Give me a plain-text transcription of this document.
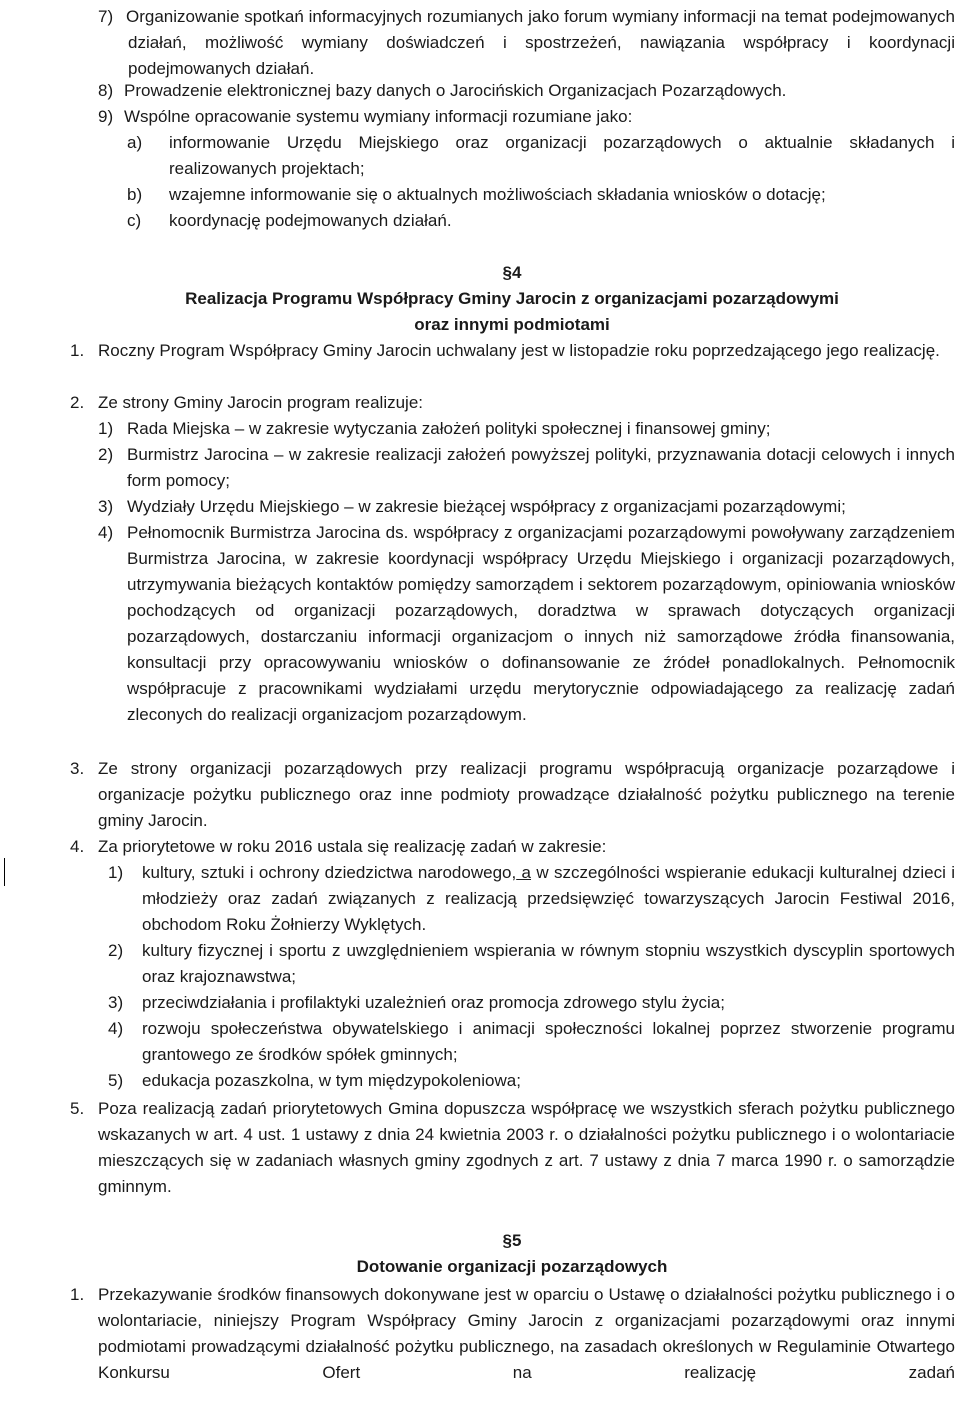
7) Organizowanie spotkań informacyjnych rozumianych jako forum wymiany informacji na temat podejmowanych działań, możliwość wymiany doświadczeń i spostrzeżeń, nawiązania współpracy i koordynacji podejmowanych działań.
8) Prowadzenie elektronicznej bazy danych o Jarocińskich Organizacjach Pozarządowych.
9) Wspólne opracowanie systemu wymiany informacji rozumiane jako:
a)	informowanie Urzędu Miejskiego oraz organizacji pozarządowych o aktualnie składanych i realizowanych projektach;
b)	wzajemne informowanie się o aktualnych możliwościach składania wniosków o dotację;
c)	koordynację podejmowanych działań.
§4
Realizacja Programu Współpracy Gminy Jarocin z organizacjami pozarządowymi
oraz innymi podmiotami
1. Roczny Program Współpracy Gminy Jarocin uchwalany jest w listopadzie roku poprzedzającego jego realizację.
2. Ze strony Gminy Jarocin program realizuje:
1) Rada Miejska – w zakresie wytyczania założeń polityki społecznej i finansowej gminy;
2) Burmistrz Jarocina – w zakresie realizacji założeń powyższej polityki, przyznawania dotacji celowych i innych form pomocy;
3) Wydziały Urzędu Miejskiego – w zakresie bieżącej współpracy z organizacjami pozarządowymi;
4) Pełnomocnik Burmistrza Jarocina ds. współpracy z organizacjami pozarządowymi powoływany zarządzeniem Burmistrza Jarocina, w zakresie koordynacji współpracy Urzędu Miejskiego i organizacji pozarządowych, utrzymywania bieżących kontaktów pomiędzy samorządem i sektorem pozarządowym, opiniowania wniosków pochodzących od organizacji pozarządowych, doradztwa w sprawach dotyczących organizacji pozarządowych, dostarczaniu informacji organizacjom o innych niż samorządowe źródła finansowania, konsultacji przy opracowywaniu wniosków o dofinansowanie ze źródeł ponadlokalnych. Pełnomocnik współpracuje z pracownikami wydziałami urzędu merytorycznie odpowiadającego za realizację zadań zleconych do realizacji organizacjom pozarządowym.
3. Ze strony organizacji pozarządowych przy realizacji programu współpracują organizacje pozarządowe i organizacje pożytku publicznego oraz inne podmioty prowadzące działalność pożytku publicznego na terenie gminy Jarocin.
4. Za priorytetowe w roku 2016 ustala się realizację zadań w zakresie:
1)	kultury, sztuki i ochrony dziedzictwa narodowego, a w szczególności wspieranie edukacji kulturalnej dzieci i młodzieży oraz zadań związanych z realizacją przedsięwzięć towarzyszących Jarocin Festiwal 2016, obchodom Roku Żołnierzy Wyklętych.
2)	kultury fizycznej i sportu z uwzględnieniem wspierania w równym stopniu wszystkich dyscyplin sportowych oraz krajoznawstwa;
3)	przeciwdziałania i profilaktyki uzależnień oraz promocja zdrowego stylu życia;
4)	rozwoju społeczeństwa obywatelskiego i animacji społeczności lokalnej poprzez stworzenie programu grantowego ze środków spółek gminnych;
5)	edukacja pozaszkolna, w tym międzypokoleniowa;
5. Poza realizacją zadań priorytetowych Gmina dopuszcza współpracę we wszystkich sferach pożytku publicznego wskazanych w art. 4 ust. 1 ustawy z dnia 24 kwietnia 2003 r. o działalności pożytku publicznego i o wolontariacie mieszczących się w zadaniach własnych gminy zgodnych z art. 7 ustawy z dnia 7 marca 1990 r. o samorządzie gminnym.
§5
Dotowanie organizacji pozarządowych
1. Przekazywanie środków finansowych dokonywane jest w oparciu o Ustawę o działalności pożytku publicznego i o wolontariacie, niniejszy Program Współpracy Gminy Jarocin z organizacjami pozarządowymi oraz innymi podmiotami prowadzącymi działalność pożytku publicznego, na zasadach określonych w Regulaminie Otwartego Konkursu Ofert na realizację zadań
